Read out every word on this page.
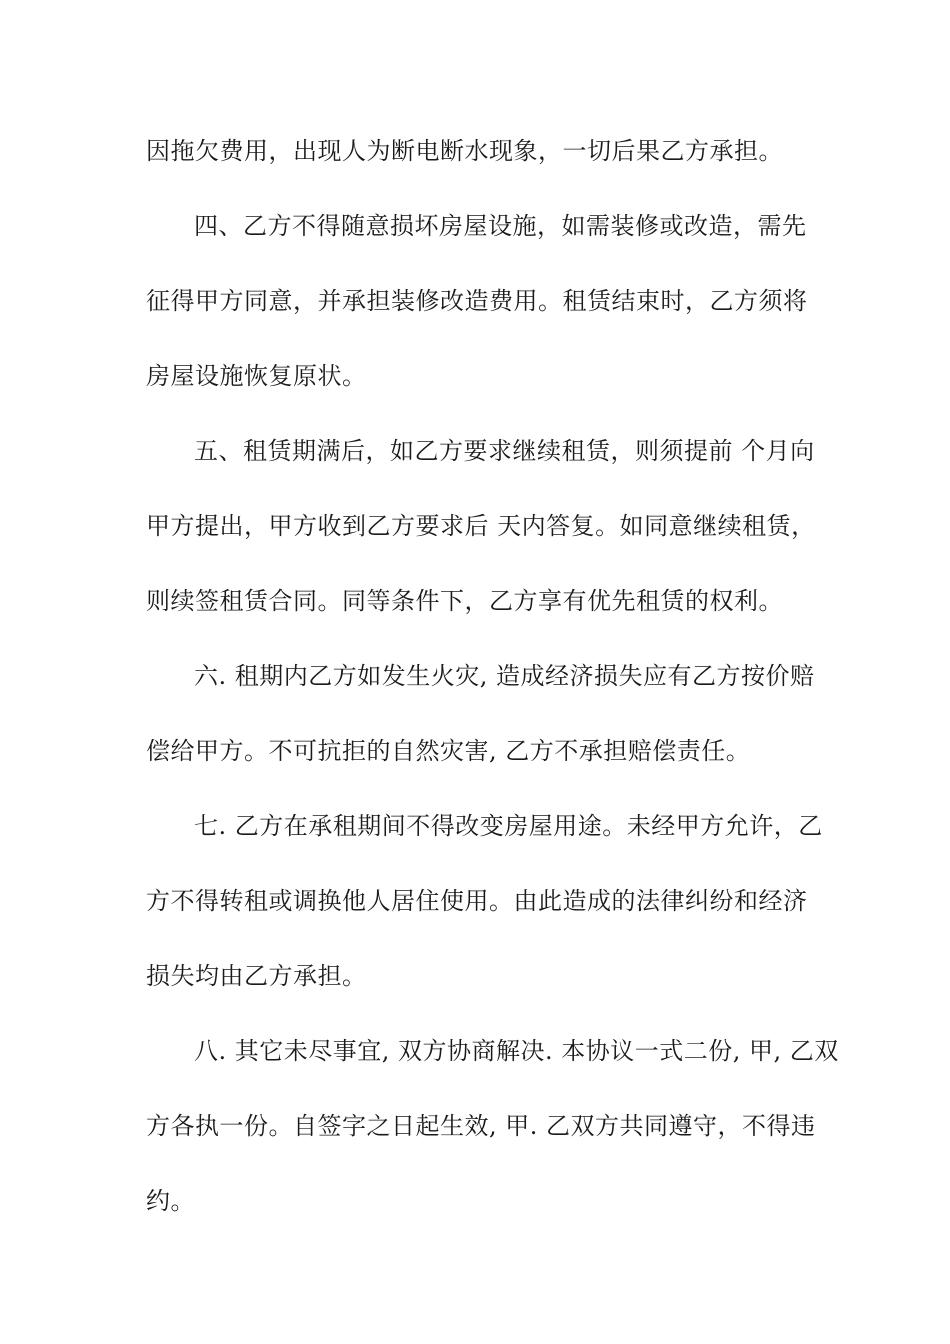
因拖欠费用，出现人为断电断水现象，一切后果乙方承担。

四、乙方不得随意损坏房屋设施，如需装修或改造，需先

征得甲方同意，并承担装修改造费用。租赁结束时，乙方须将

房屋设施恢复原状。

五、租赁期满后，如乙方要求继续租赁，则须提前 个月向

甲方提出，甲方收到乙方要求后 天内答复。如同意继续租赁，

则续签租赁合同。同等条件下，乙方享有优先租赁的权利。

六. 租期内乙方如发生火灾, 造成经济损失应有乙方按价赔

偿给甲方。不可抗拒的自然灾害, 乙方不承担赔偿责任。

七. 乙方在承租期间不得改变房屋用途。未经甲方允许，乙

方不得转租或调换他人居住使用。由此造成的法律纠纷和经济

损失均由乙方承担。

八. 其它未尽事宜, 双方协商解决. 本协议一式二份, 甲, 乙双

方各执一份。自签字之日起生效, 甲. 乙双方共同遵守，不得违

约。
